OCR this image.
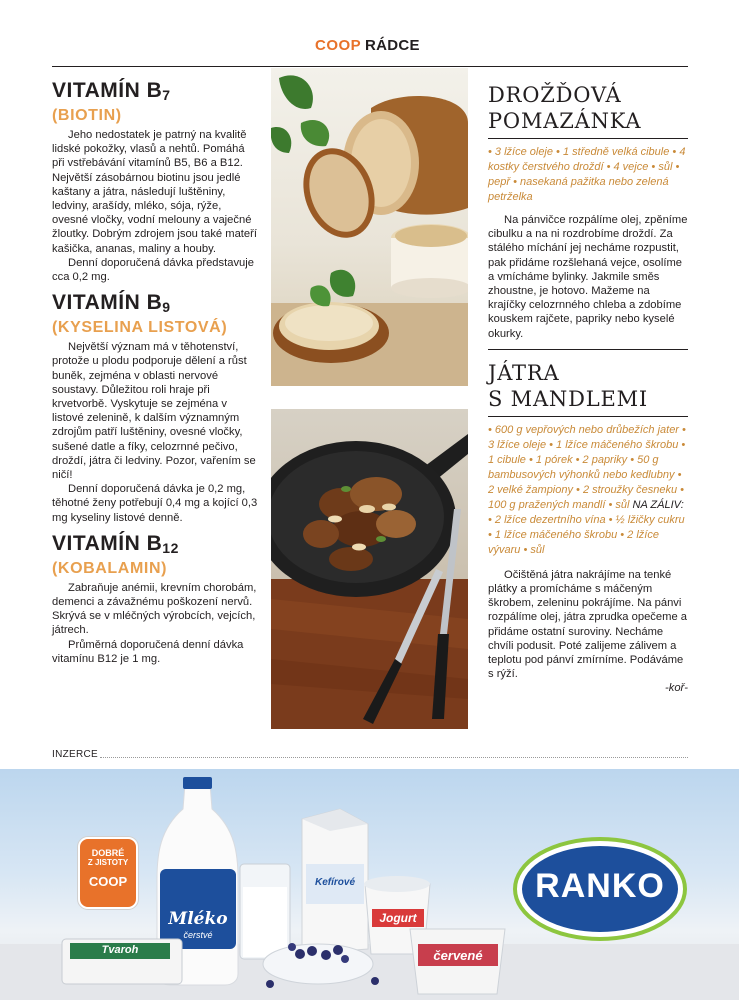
COOP RÁDCE
VITAMÍN $B_7$
(BIOTIN)

Jeho nedostatek je patrný na kvalitě lidské pokožky, vlasů a nehtů. Pomáhá při vstřebávání vitamínů B5, B6 a B12. Největší zásobárnou biotinu jsou jedlé kaštany a játra, následují luštěniny, ledviny, arašídy, mléko, sója, rýže, ovesné vločky, vodní melouny a vaječné žloutky. Dobrým zdrojem jsou také mateří kašička, ananas, maliny a houby.

Denní doporučená dávka představuje cca 0,2 mg.

VITAMÍN $B_9$
(KYSELINA LISTOVÁ)

Největší význam má v těhotenství, protože u plodu podporuje dělení a růst buněk, zejména v oblasti nervové soustavy. Důležitou roli hraje při krvetvorbě. Vyskytuje se zejména v listové zelenině, k dalším významným zdrojům patří luštěniny, ovesné vločky, sušené datle a fíky, celozrnné pečivo, droždí, játra či ledviny. Pozor, vařením se ničí!

Denní doporučená dávka je 0,2 mg, těhotné ženy potřebují 0,4 mg a kojící 0,3 mg kyseliny listové denně.

VITAMÍN $B_{12}$
(KOBALAMIN)

Zabraňuje anémii, krevním chorobám, demenci a závažnému poškození nervů. Skrývá se v mléčných výrobcích, vejcích, játrech.

Průměrná doporučená denní dávka vitamínu B12 je 1 mg.

DROŽĎOVÁ
POMAZÁNKA
• 3 lžíce oleje • 1 středně velká cibule • 4 kostky čerstvého droždí • 4 vejce • sůl • pepř • nasekaná pažitka nebo zelená petrželka

Na pánvičce rozpálíme olej, zpěníme cibulku a na ni rozdrobíme droždí. Za stálého míchání jej necháme rozpustit, pak přidáme rozšlehaná vejce, osolíme a vmícháme bylinky. Jakmile směs zhoustne, je hotovo. Mažeme na krajíčky celozrnného chleba a zdobíme kouskem rajčete, papriky nebo kyselé okurky.

JÁTRA
S MANDLEMI
• 600 g vepřových nebo drůbežích jater • 3 lžíce oleje • 1 lžíce máčeného škrobu • 1 cibule • 1 pórek • 2 papriky • 50 g bambusových výhonků nebo kedlubny • 2 velké žampiony • 2 stroužky česneku • 100 g pražených mandlí • sůl NA ZÁLIV: • 2 lžíce dezertního vína • ½ lžičky cukru • 1 lžíce máčeného škrobu • 2 lžíce vývaru • sůl

Očištěná játra nakrájíme na tenké plátky a promícháme s máčeným škrobem, zeleninu pokrájíme. Na pánvi rozpálíme olej, játra zprudka opečeme a přidáme ostatní suroviny. Necháme chvíli podusit. Poté zalijeme zálivem a teplotu pod pánví zmírníme. Podáváme s rýží.

-koř-
INZERCE
DOBRÉ
Z JISTOTY
COOP
Mléko
čerstvé
Kefírové
Jogurt
červené
Tvaroh
RANKO
